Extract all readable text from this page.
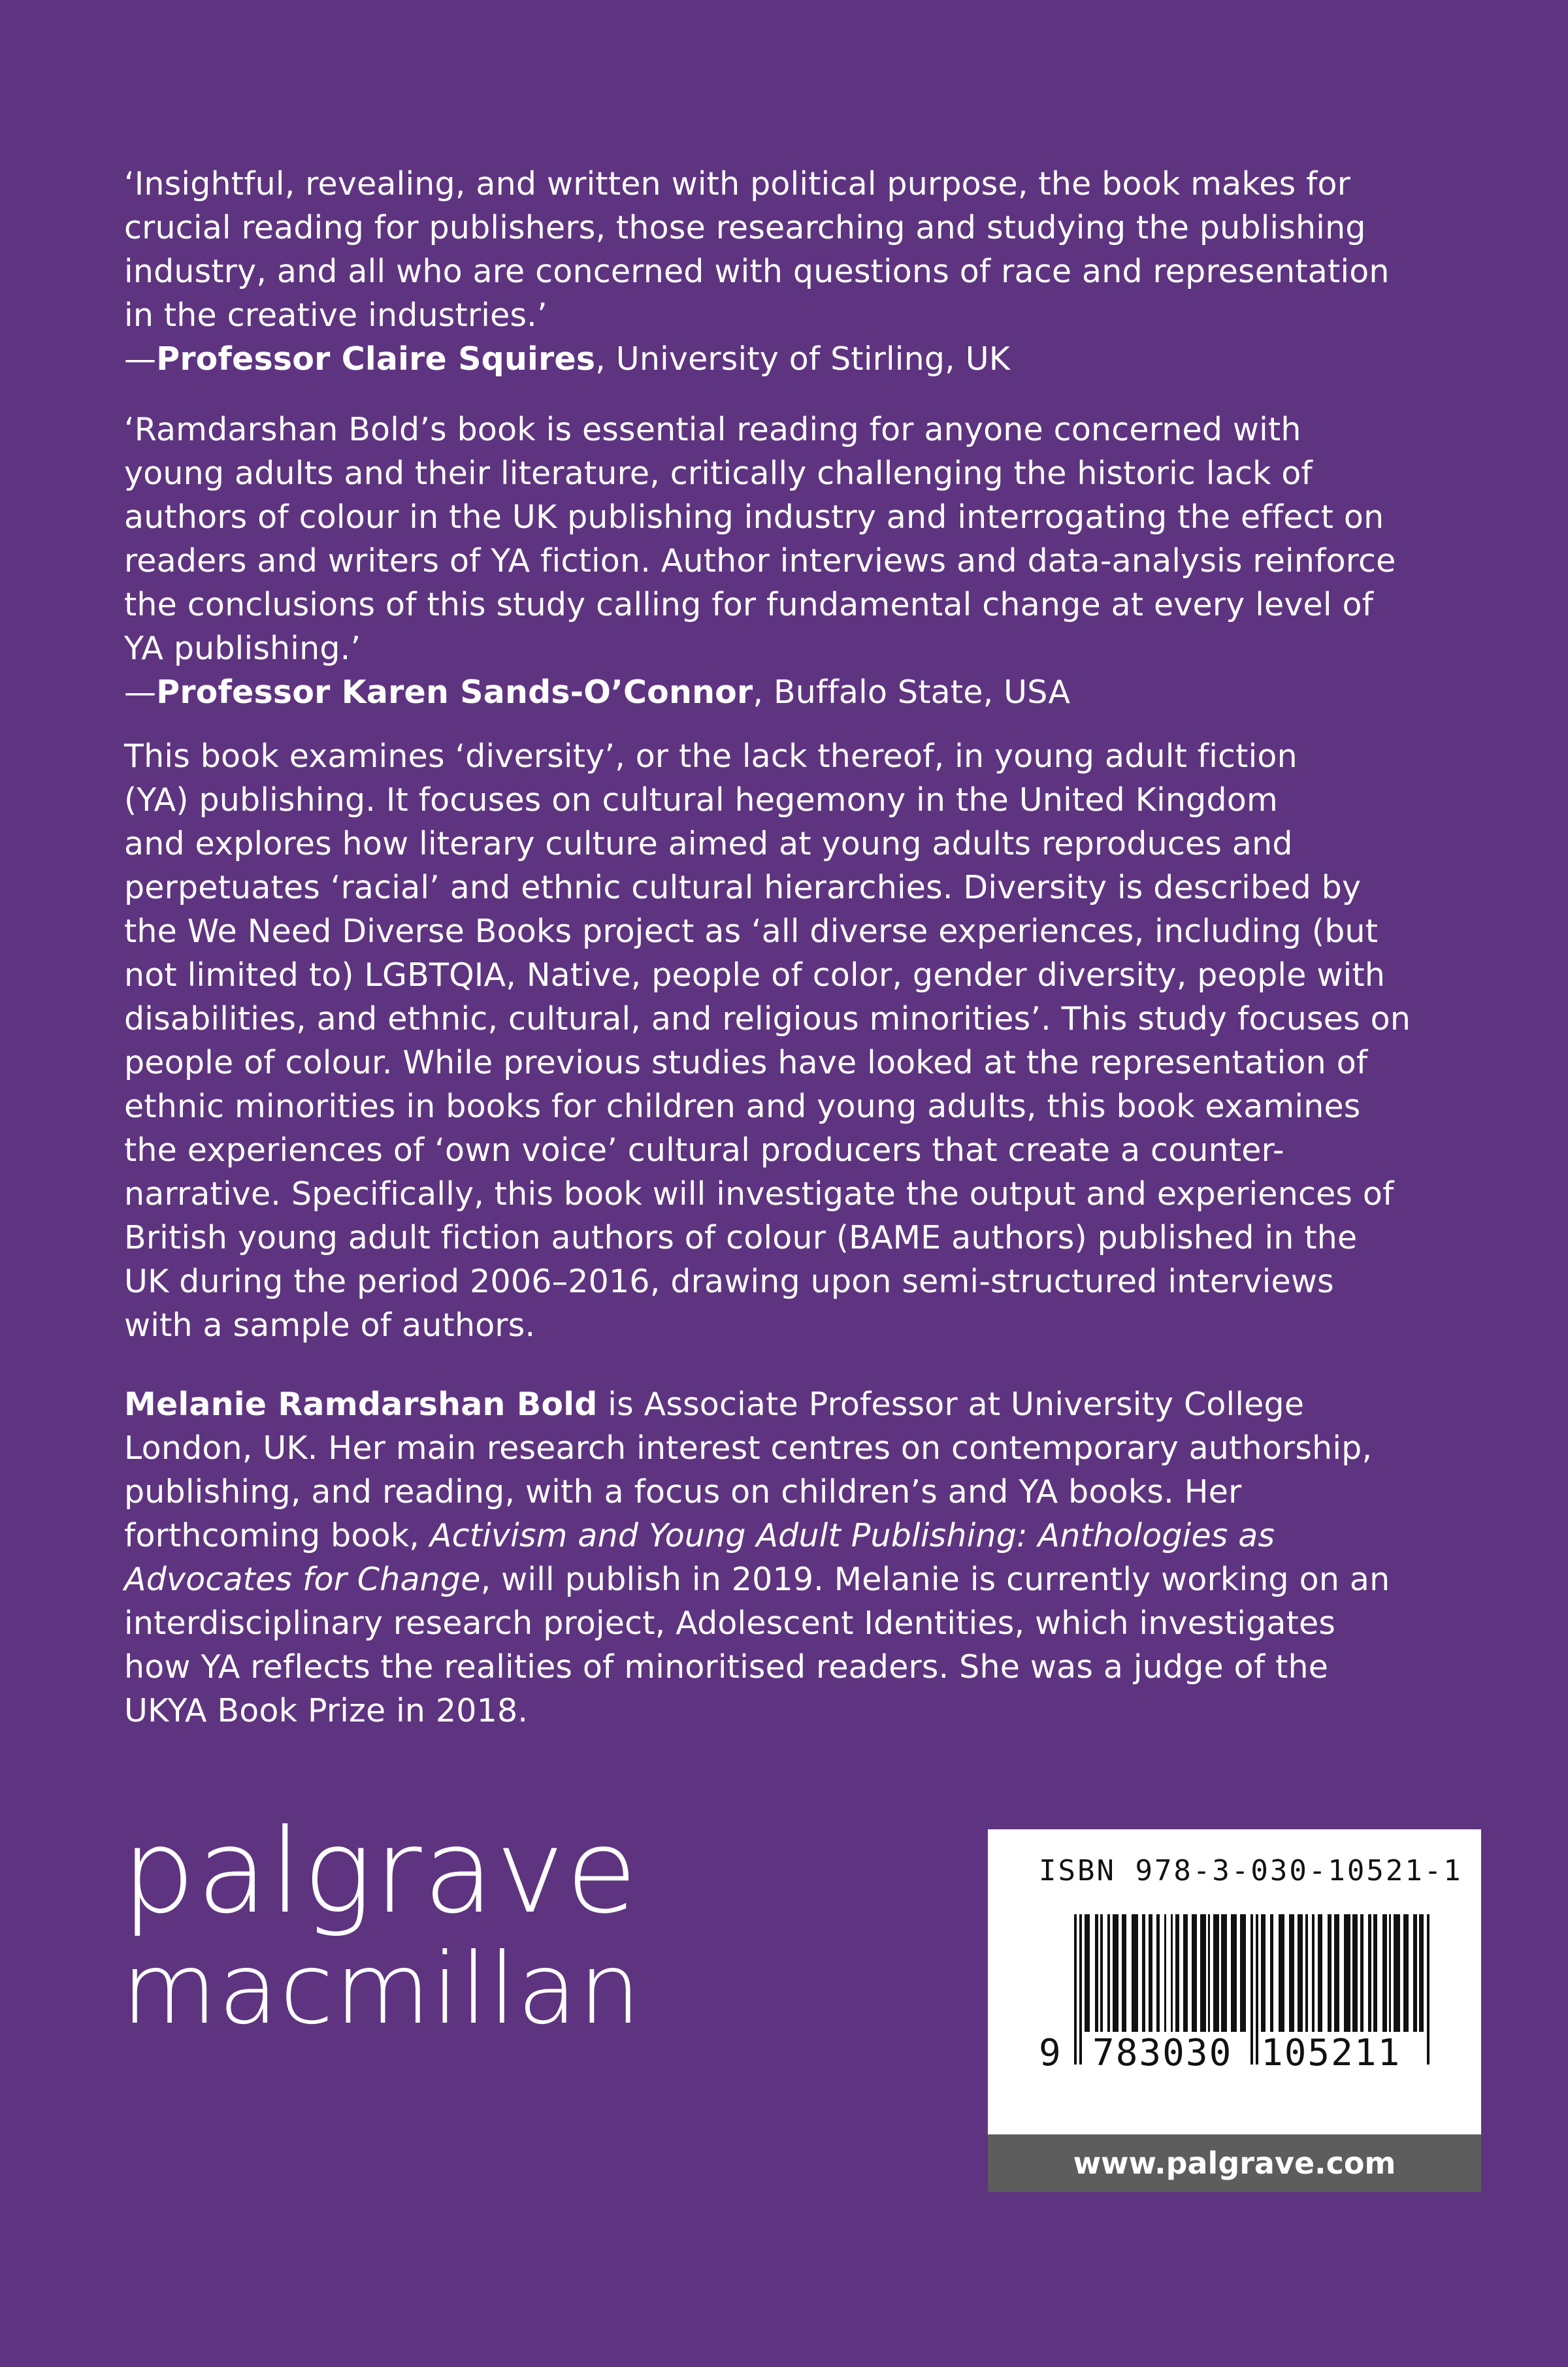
‘Insightful, revealing, and written with political purpose, the book makes for
crucial reading for publishers, those researching and studying the publishing
industry, and all who are concerned with questions of race and representation
in the creative industries.’
—Professor Claire Squires, University of Stirling, UK
‘Ramdarshan Bold’s book is essential reading for anyone concerned with
young adults and their literature, critically challenging the historic lack of
authors of colour in the UK publishing industry and interrogating the effect on
readers and writers of YA fiction. Author interviews and data-analysis reinforce
the conclusions of this study calling for fundamental change at every level of
YA publishing.’
—Professor Karen Sands-O’Connor, Buffalo State, USA
This book examines ‘diversity’, or the lack thereof, in young adult fiction
(YA) publishing. It focuses on cultural hegemony in the United Kingdom
and explores how literary culture aimed at young adults reproduces and
perpetuates ‘racial’ and ethnic cultural hierarchies. Diversity is described by
the We Need Diverse Books project as ‘all diverse experiences, including (but
not limited to) LGBTQIA, Native, people of color, gender diversity, people with
disabilities, and ethnic, cultural, and religious minorities’. This study focuses on
people of colour. While previous studies have looked at the representation of
ethnic minorities in books for children and young adults, this book examines
the experiences of ‘own voice’ cultural producers that create a counter-
narrative. Specifically, this book will investigate the output and experiences of
British young adult fiction authors of colour (BAME authors) published in the
UK during the period 2006–2016, drawing upon semi-structured interviews
with a sample of authors.
Melanie Ramdarshan Bold is Associate Professor at University College
London, UK. Her main research interest centres on contemporary authorship,
publishing, and reading, with a focus on children’s and YA books. Her
forthcoming book, Activism and Young Adult Publishing: Anthologies as
Advocates for Change, will publish in 2019. Melanie is currently working on an
interdisciplinary research project, Adolescent Identities, which investigates
how YA reflects the realities of minoritised readers. She was a judge of the
UKYA Book Prize in 2018.
palgrave
macmillan
ISBN 978-3-030-10521-1
9 783030 105211
www.palgrave.com
